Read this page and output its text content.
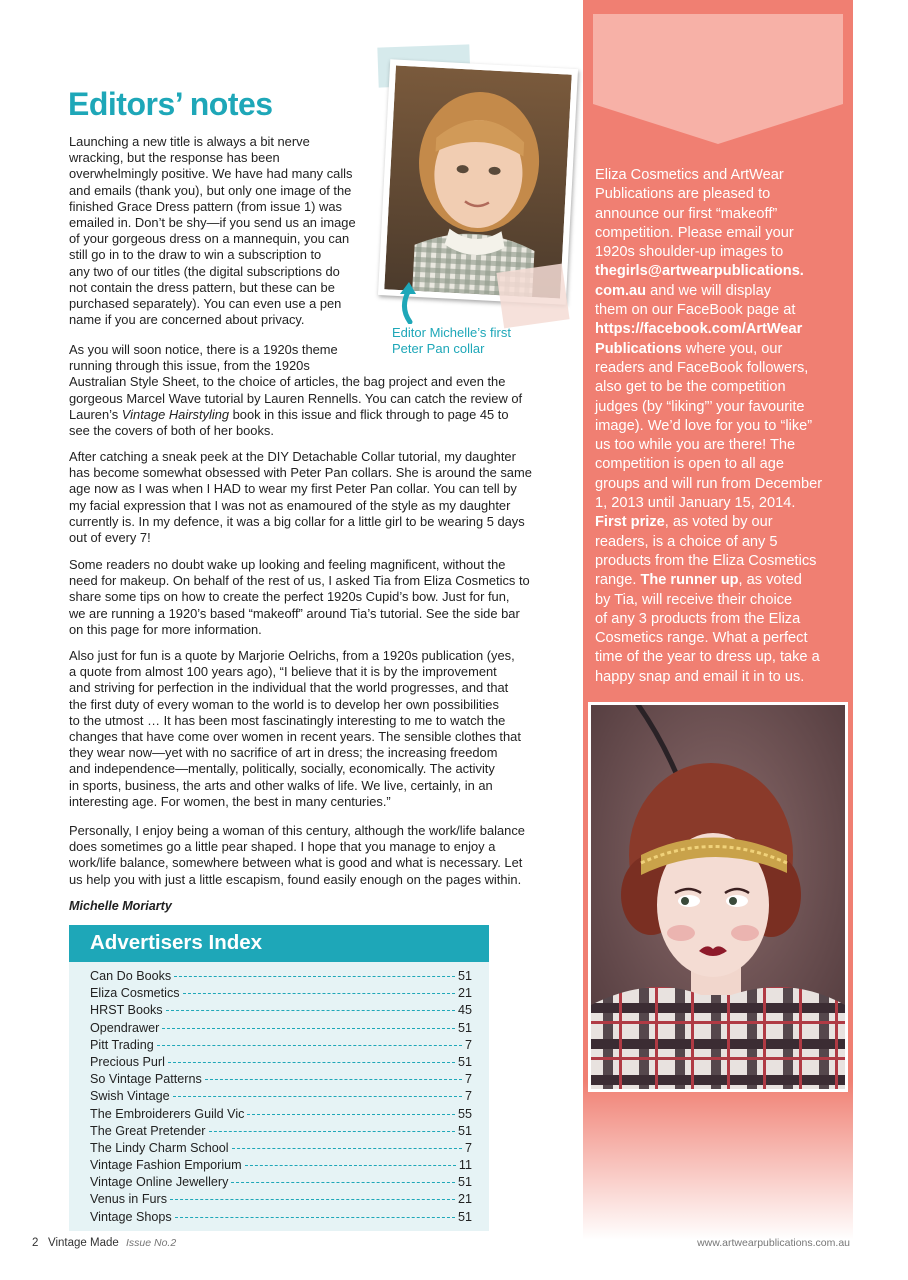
Eliza Cosmetics and ArtWear
Publications are pleased to
announce our first “makeoff”
competition. Please email your
1920s shoulder-up images to
thegirls@artwearpublications.
com.au and we will display
them on our FaceBook page at
https://facebook.com/ArtWear
Publications where you, our
readers and FaceBook followers,
also get to be the competition
judges (by “liking”’ your favourite
image). We’d love for you to “like”
us too while you are there! The
competition is open to all age
groups and will run from December
1, 2013 until January 15, 2014.
First prize, as voted by our
readers, is a choice of any 5
products from the Eliza Cosmetics
range. The runner up, as voted
by Tia, will receive their choice
of any 3 products from the Eliza
Cosmetics range. What a perfect
time of the year to dress up, take a
happy snap and email it in to us.
Editor Michelle’s first
Peter Pan collar
Editors’ notes
Launching a new title is always a bit nerve
wracking, but the response has been
overwhelmingly positive. We have had many calls
and emails (thank you), but only one image of the
finished Grace Dress pattern (from issue 1) was
emailed in. Don’t be shy—if you send us an image
of your gorgeous dress on a mannequin, you can
still go in to the draw to win a subscription to
any two of our titles (the digital subscriptions do
not contain the dress pattern, but these can be
purchased separately). You can even use a pen
name if you are concerned about privacy.
As you will soon notice, there is a 1920s theme
running through this issue, from the 1920s
Australian Style Sheet, to the choice of articles, the bag project and even the
gorgeous Marcel Wave tutorial by Lauren Rennells. You can catch the review of
Lauren’s Vintage Hairstyling book in this issue and flick through to page 45 to
see the covers of both of her books.
After catching a sneak peek at the DIY Detachable Collar tutorial, my daughter
has become somewhat obsessed with Peter Pan collars. She is around the same
age now as I was when I HAD to wear my first Peter Pan collar. You can tell by
my facial expression that I was not as enamoured of the style as my daughter
currently is. In my defence, it was a big collar for a little girl to be wearing 5 days
out of every 7!
Some readers no doubt wake up looking and feeling magnificent, without the
need for makeup. On behalf of the rest of us, I asked Tia from Eliza Cosmetics to
share some tips on how to create the perfect 1920s Cupid’s bow. Just for fun,
we are running a 1920’s based “makeoff” around Tia’s tutorial. See the side bar
on this page for more information.
Also just for fun is a quote by Marjorie Oelrichs, from a 1920s publication (yes,
a quote from almost 100 years ago), “I believe that it is by the improvement
and striving for perfection in the individual that the world progresses, and that
the first duty of every woman to the world is to develop her own possibilities
to the utmost … It has been most fascinatingly interesting to me to watch the
changes that have come over women in recent years. The sensible clothes that
they wear now—yet with no sacrifice of art in dress; the increasing freedom
and independence—mentally, politically, socially, economically. The activity
in sports, business, the arts and other walks of life. We live, certainly, in an
interesting age. For women, the best in many centuries.”
Personally, I enjoy being a woman of this century, although the work/life balance
does sometimes go a little pear shaped. I hope that you manage to enjoy a
work/life balance, somewhere between what is good and what is necessary. Let
us help you with just a little escapism, found easily enough on the pages within.
Michelle Moriarty
Advertisers Index
Can Do Books	51
Eliza Cosmetics	21
HRST Books	45
Opendrawer	51
Pitt Trading	7
Precious Purl	51
So Vintage Patterns	7
Swish Vintage	7
The Embroiderers Guild Vic	55
The Great Pretender	51
The Lindy Charm School	7
Vintage Fashion Emporium	11
Vintage Online Jewellery	51
Venus in Furs	21
Vintage Shops	51
2 Vintage Made Issue No.2	www.artwearpublications.com.au
